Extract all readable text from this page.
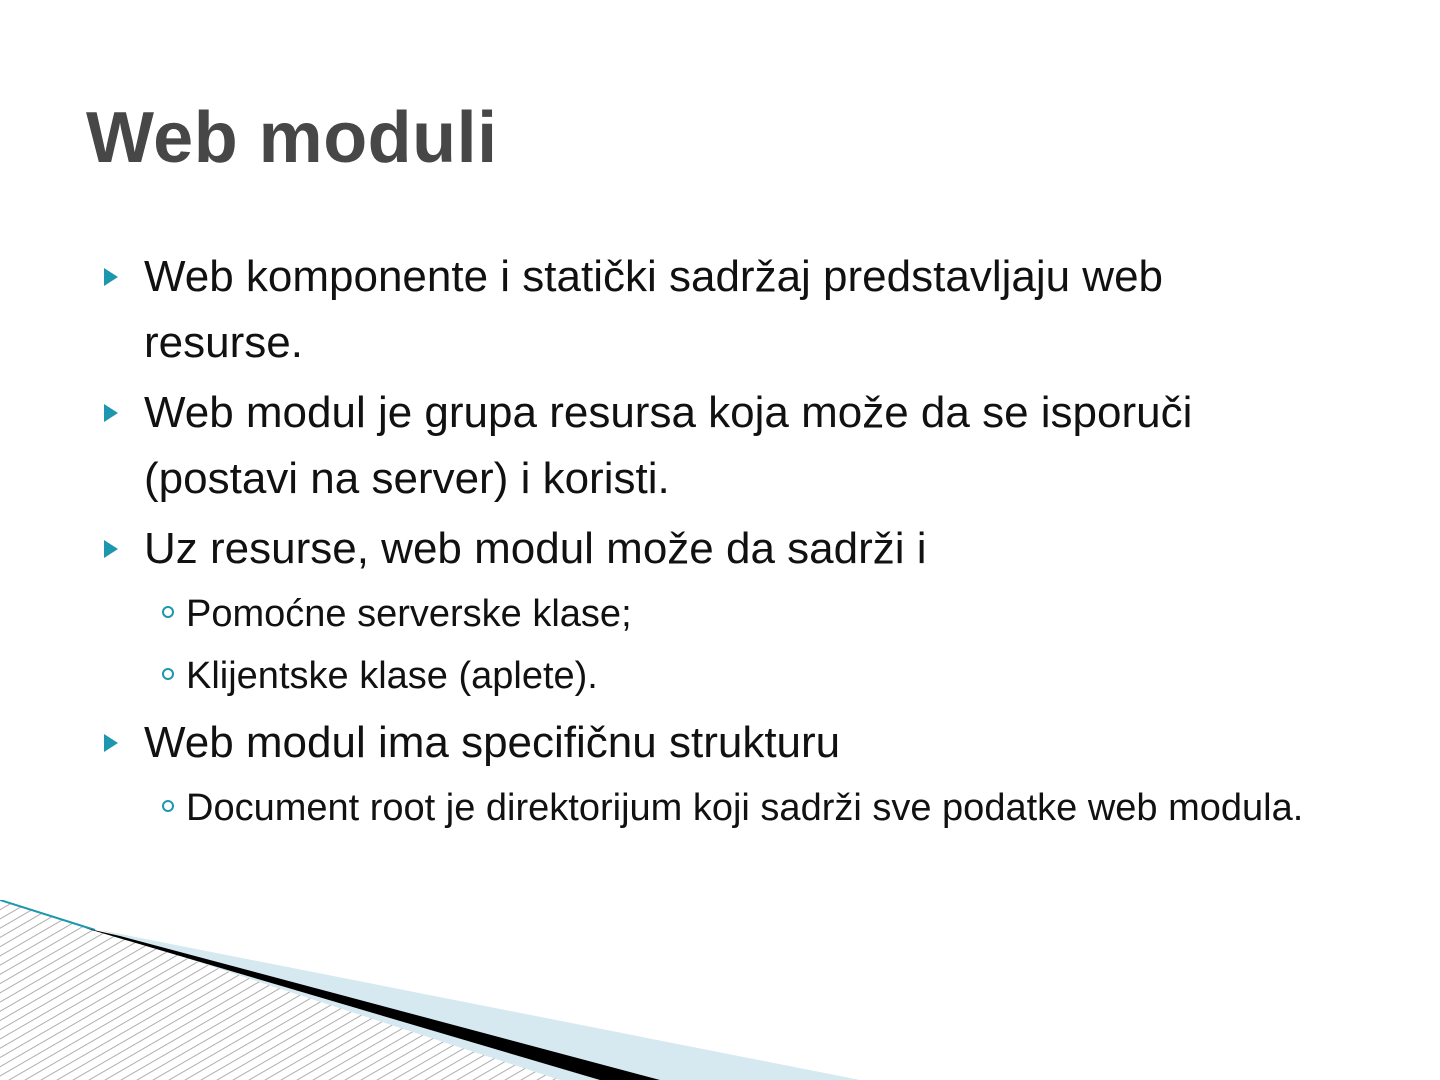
Web moduli
Web komponente i statički sadržaj predstavljaju web resurse.
Web modul je grupa resursa koja može da se isporuči (postavi na server) i koristi.
Uz resurse, web modul može da sadrži i
Pomoćne serverske klase;
Klijentske klase (aplete).
Web modul ima specifičnu strukturu
Document root je direktorijum koji sadrži sve podatke web modula.
